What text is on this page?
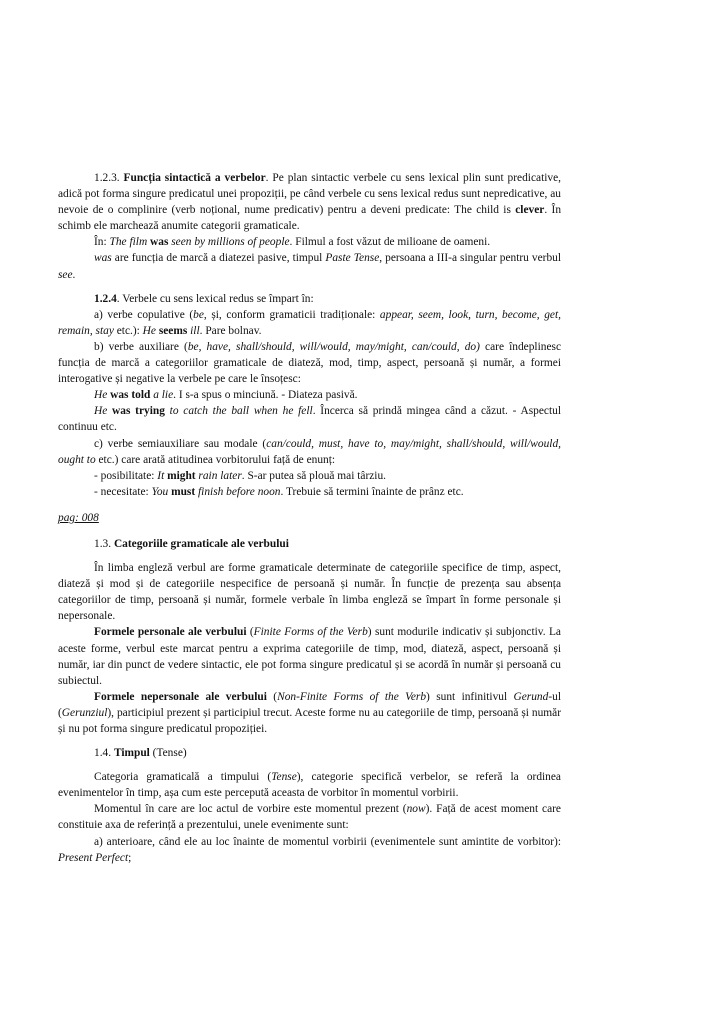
1.2.3. Funcția sintactică a verbelor. Pe plan sintactic verbele cu sens lexical plin sunt predicative, adică pot forma singure predicatul unei propoziții, pe când verbele cu sens lexical redus sunt nepredicative, au nevoie de o complinire (verb noțional, nume predicativ) pentru a deveni predicate: The child is clever. În schimb ele marchează anumite categorii gramaticale.

În: The film was seen by millions of people. Filmul a fost văzut de milioane de oameni.

was are funcția de marcă a diatezei pasive, timpul Paste Tense, persoana a III-a singular pentru verbul see.

1.2.4. Verbele cu sens lexical redus se împart în:

a) verbe copulative (be, și, conform gramaticii tradiționale: appear, seem, look, turn, become, get, remain, stay etc.): He seems ill. Pare bolnav.

b) verbe auxiliare (be, have, shall/should, will/would, may/might, can/could, do) care îndeplinesc funcția de marcă a categoriilor gramaticale de diateză, mod, timp, aspect, persoană și număr, a formei interogative și negative la verbele pe care le însoțesc:

He was told a lie. I s-a spus o minciună. - Diateza pasivă.

He was trying to catch the ball when he fell. Încerca să prindă mingea când a căzut. - Aspectul continuu etc.

c) verbe semiauxiliare sau modale (can/could, must, have to, may/might, shall/should, will/would, ought to etc.) care arată atitudinea vorbitorului față de enunț:

- posibilitate: It might rain later. S-ar putea să plouă mai târziu.

- necesitate: You must finish before noon. Trebuie să termini înainte de prânz etc.

pag: 008

1.3. Categoriile gramaticale ale verbului

În limba engleză verbul are forme gramaticale determinate de categoriile specifice de timp, aspect, diateză și mod și de categoriile nespecifice de persoană și număr. În funcție de prezența sau absența categoriilor de timp, persoană și număr, formele verbale în limba engleză se împart în forme personale și nepersonale.

Formele personale ale verbului (Finite Forms of the Verb) sunt modurile indicativ și subjonctiv. La aceste forme, verbul este marcat pentru a exprima categoriile de timp, mod, diateză, aspect, persoană și număr, iar din punct de vedere sintactic, ele pot forma singure predicatul și se acordă în număr și persoană cu subiectul.

Formele nepersonale ale verbului (Non-Finite Forms of the Verb) sunt infinitivul Gerund-ul (Gerunziul), participiul prezent și participiul trecut. Aceste forme nu au categoriile de timp, persoană și număr și nu pot forma singure predicatul propoziției.

1.4. Timpul (Tense)

Categoria gramaticală a timpului (Tense), categorie specifică verbelor, se referă la ordinea evenimentelor în timp, așa cum este percepută aceasta de vorbitor în momentul vorbirii.

Momentul în care are loc actul de vorbire este momentul prezent (now). Față de acest moment care constituie axa de referință a prezentului, unele evenimente sunt:

a) anterioare, când ele au loc înainte de momentul vorbirii (evenimentele sunt amintite de vorbitor): Present Perfect;
